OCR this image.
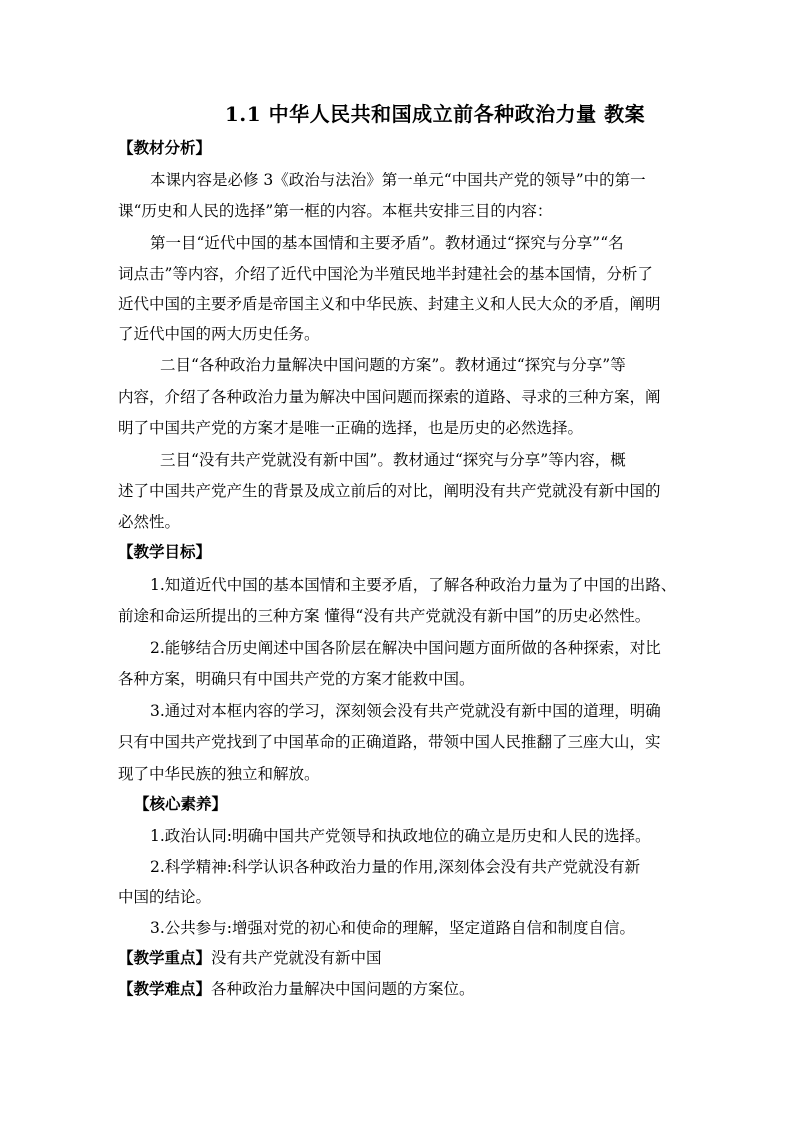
1.1 中华人民共和国成立前各种政治力量 教案
【教材分析】
本课内容是必修 3《政治与法治》第一单元“中国共产党的领导”中的第一
课“历史和人民的选择”第一框的内容。本框共安排三目的内容：
第一目“近代中国的基本国情和主要矛盾”。教材通过“探究与分享”“名
词点击”等内容，介绍了近代中国沦为半殖民地半封建社会的基本国情，分析了
近代中国的主要矛盾是帝国主义和中华民族、封建主义和人民大众的矛盾，阐明
了近代中国的两大历史任务。
二目“各种政治力量解决中国问题的方案”。教材通过“探究与分享”等
内容，介绍了各种政治力量为解决中国问题而探索的道路、寻求的三种方案，阐
明了中国共产党的方案才是唯一正确的选择，也是历史的必然选择。
三目“没有共产党就没有新中国”。教材通过“探究与分享”等内容，概
述了中国共产党产生的背景及成立前后的对比，阐明没有共产党就没有新中国的
必然性。
【教学目标】
1.知道近代中国的基本国情和主要矛盾，了解各种政治力量为了中国的出路、
前途和命运所提出的三种方案 懂得“没有共产党就没有新中国”的历史必然性。
2.能够结合历史阐述中国各阶层在解决中国问题方面所做的各种探索，对比
各种方案，明确只有中国共产党的方案才能救中国。
3.通过对本框内容的学习，深刻领会没有共产党就没有新中国的道理，明确
只有中国共产党找到了中国革命的正确道路，带领中国人民推翻了三座大山，实
现了中华民族的独立和解放。
【核心素养】
1.政治认同:明确中国共产党领导和执政地位的确立是历史和人民的选择。
2.科学精神:科学认识各种政治力量的作用,深刻体会没有共产党就没有新
中国的结论。
3.公共参与:增强对党的初心和使命的理解，坚定道路自信和制度自信。
【教学重点】没有共产党就没有新中国
【教学难点】各种政治力量解决中国问题的方案位。
